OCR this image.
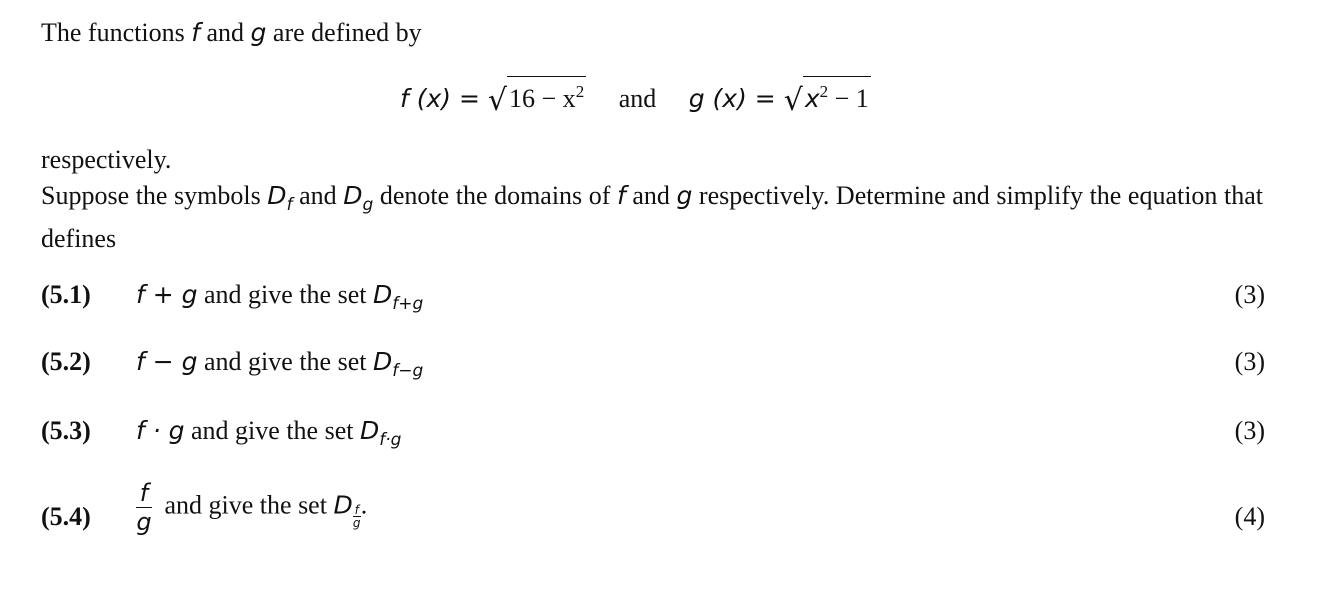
The functions f and g are defined by
f $(x) = √16 - x^2$ and g $(x) = √x^2 - 1$
respectively.
Suppose the symbols $D_f$ and $D_g$ denote the domains of f and g respectively. Determine and simplify the equation that defines
(5.1) f + g and give the set $D_{f+g}$	(3)
(5.2) f − g and give the set $D_{f-g}$	(3)
(5.3) f · g and give the set $D_{f\cdot g}$	(3)
$(5.4) \frac{f}{g}$ and give the set D $\frac{f}{g}$ .	(4)
